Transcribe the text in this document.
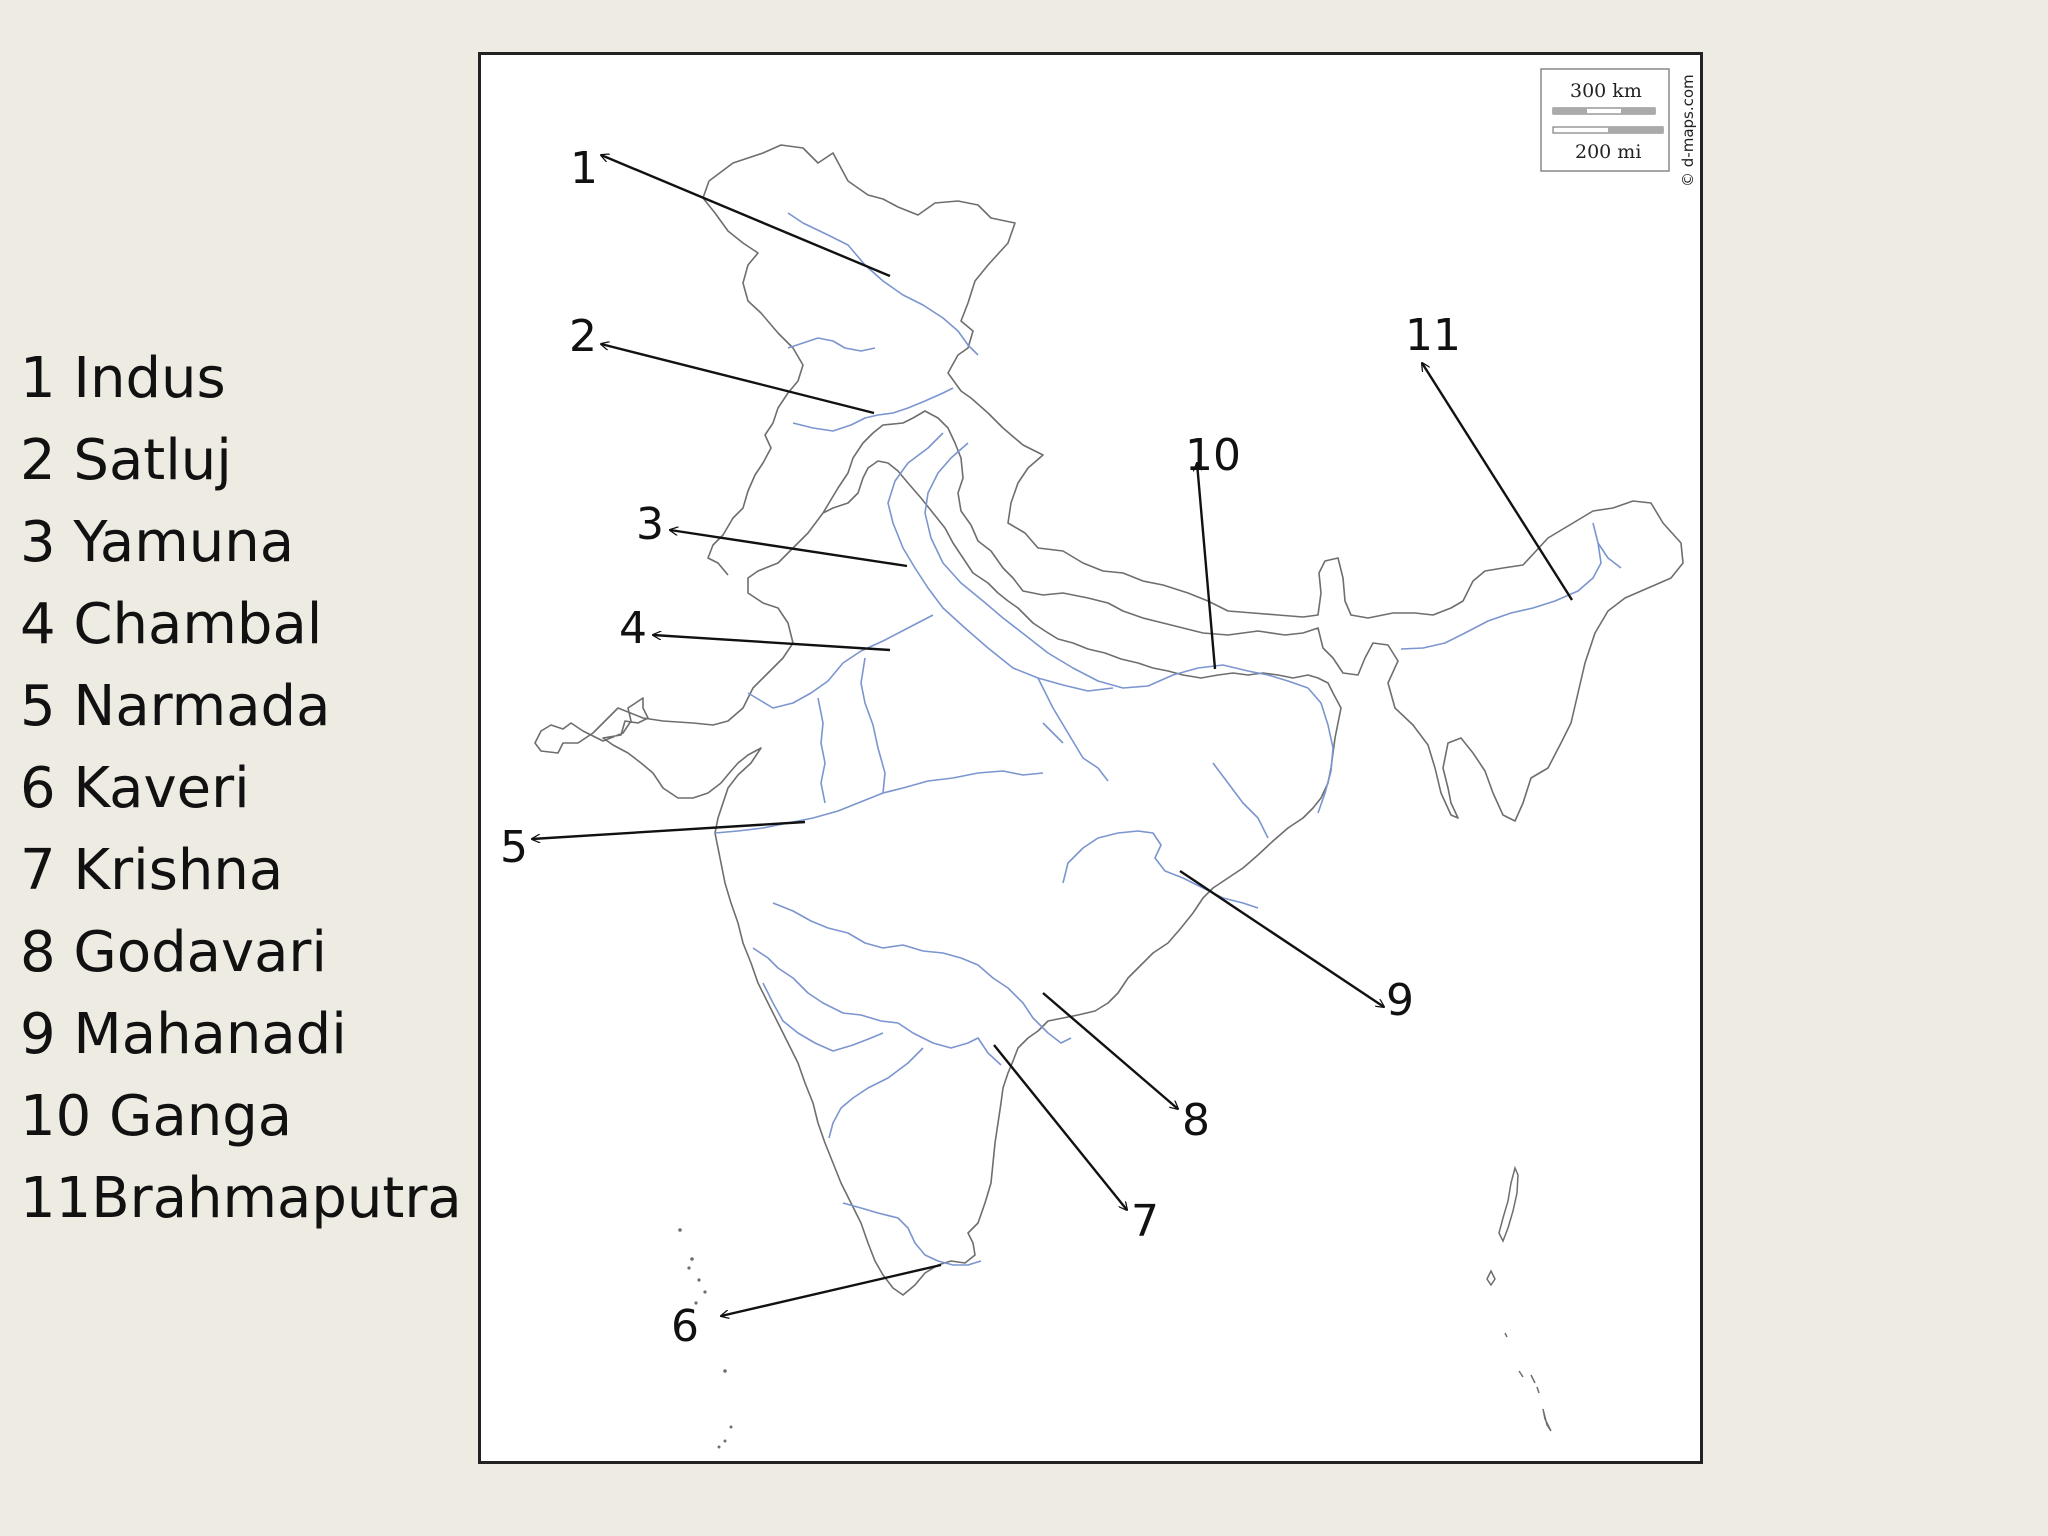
1 Indus
2 Satluj
3 Yamuna
4 Chambal
5 Narmada
6 Kaveri
7 Krishna
8 Godavari
9 Mahanadi
10 Ganga
11Brahmaputra
1
2
3
4
5
6
7
8
9
10
11
300 km
200 mi	© d-maps.com
